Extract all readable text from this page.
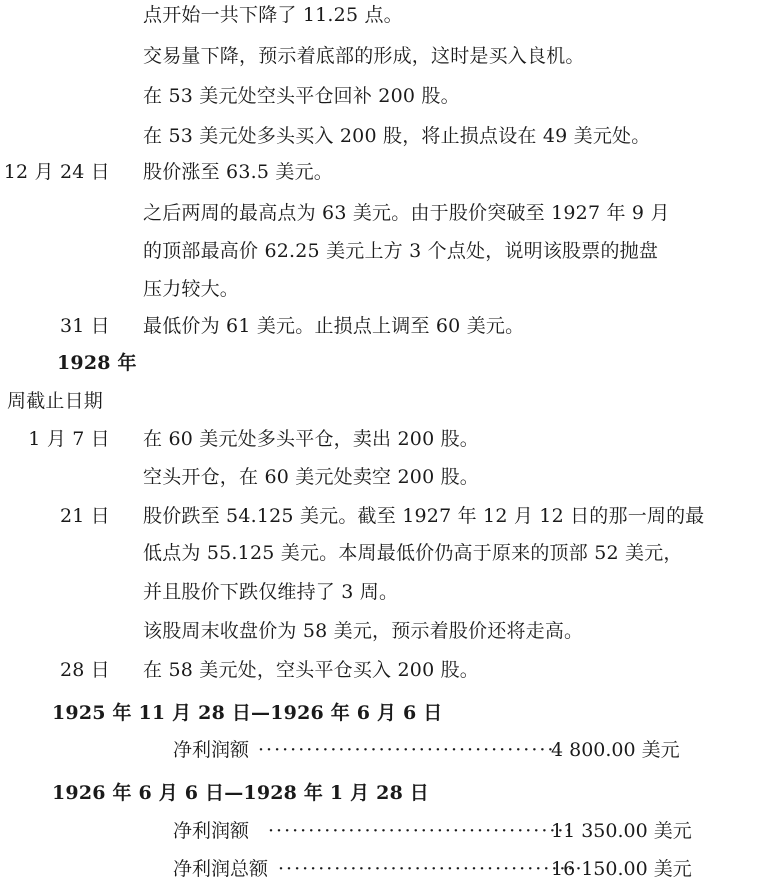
点开始一共下降了 11.25 点。
交易量下降，预示着底部的形成，这时是买入良机。
在 53 美元处空头平仓回补 200 股。
在 53 美元处多头买入 200 股，将止损点设在 49 美元处。
12 月 24 日 股价涨至 63.5 美元。
之后两周的最高点为 63 美元。由于股价突破至 1927 年 9 月
的顶部最高价 62.25 美元上方 3 个点处，说明该股票的抛盘
压力较大。
31 日 最低价为 61 美元。止损点上调至 60 美元。
1928 年
周截止日期
1 月 7 日 在 60 美元处多头平仓，卖出 200 股。
空头开仓，在 60 美元处卖空 200 股。
21 日 股价跌至 54.125 美元。截至 1927 年 12 月 12 日的那一周的最
低点为 55.125 美元。本周最低价仍高于原来的顶部 52 美元，
并且股价下跌仅维持了 3 周。
该股周末收盘价为 58 美元，预示着股价还将走高。
28 日 在 58 美元处，空头平仓买入 200 股。
1925 年 11 月 28 日—1926 年 6 月 6 日
净利润额 ······································
4 800.00 美元
1926 年 6 月 6 日—1928 年 1 月 28 日
净利润额 ······································
11 350.00 美元
净利润总额 ······································
16 150.00 美元
